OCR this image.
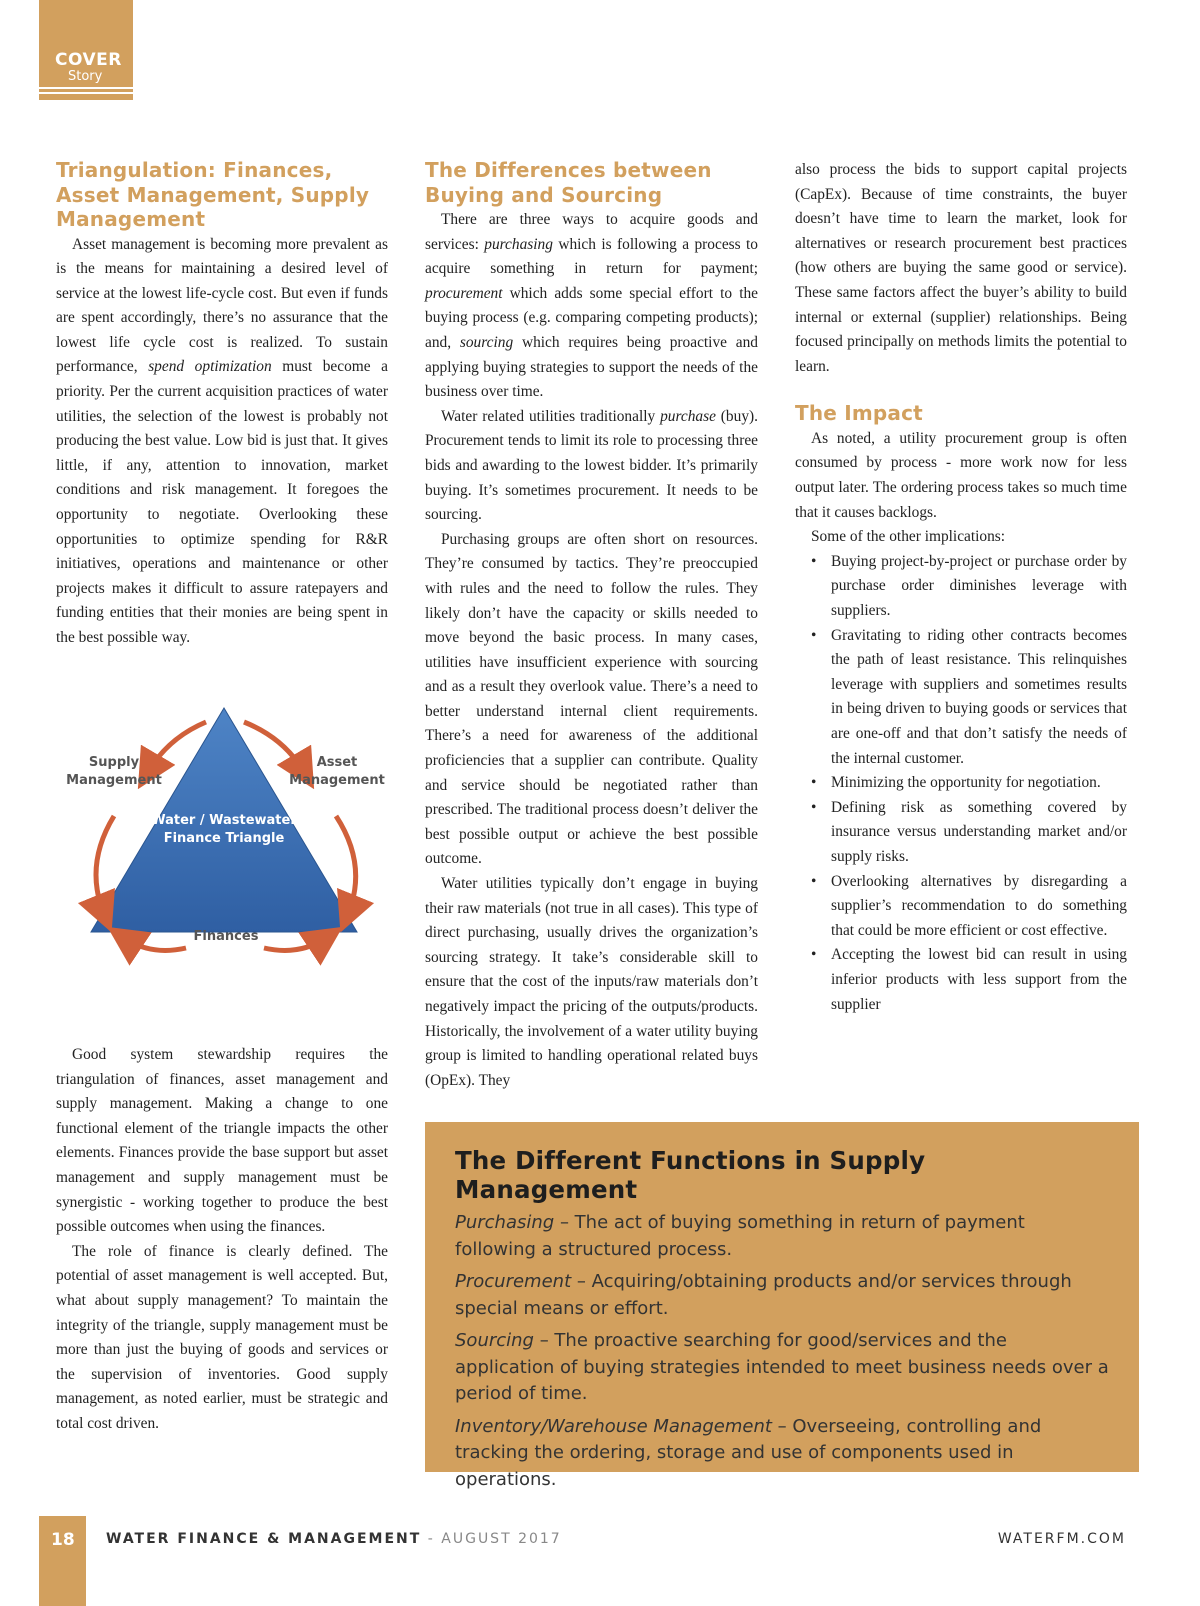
COVER
Story
Triangulation: Finances, Asset Management, Supply Management

Asset management is becoming more prevalent as is the means for maintaining a desired level of service at the lowest life-cycle cost. But even if funds are spent accordingly, there’s no assurance that the lowest life cycle cost is realized. To sustain performance, spend optimization must become a priority. Per the current acquisition practices of water utilities, the selection of the lowest is probably not producing the best value. Low bid is just that. It gives little, if any, attention to innovation, market conditions and risk management. It foregoes the opportunity to negotiate. Overlooking these opportunities to optimize spending for R&R initiatives, operations and maintenance or other projects makes it difficult to assure ratepayers and funding entities that their monies are being spent in the best possible way.

Supply
Management
Asset
Management
Water / Wastewater
Finance Triangle
Finances

Good system stewardship requires the triangulation of finances, asset management and supply management. Making a change to one functional element of the triangle impacts the other elements. Finances provide the base support but asset management and supply management must be synergistic - working together to produce the best possible outcomes when using the finances.

The role of finance is clearly defined. The potential of asset management is well accepted. But, what about supply management? To maintain the integrity of the triangle, supply management must be more than just the buying of goods and services or the supervision of inventories. Good supply management, as noted earlier, must be strategic and total cost driven.

The Differences between Buying and Sourcing

There are three ways to acquire goods and services: purchasing which is following a process to acquire something in return for payment; procurement which adds some special effort to the buying process (e.g. comparing competing products); and, sourcing which requires being proactive and applying buying strategies to support the needs of the business over time.

Water related utilities traditionally purchase (buy). Procurement tends to limit its role to processing three bids and awarding to the lowest bidder. It’s primarily buying. It’s sometimes procurement. It needs to be sourcing.

Purchasing groups are often short on resources. They’re consumed by tactics. They’re preoccupied with rules and the need to follow the rules. They likely don’t have the capacity or skills needed to move beyond the basic process. In many cases, utilities have insufficient experience with sourcing and as a result they overlook value. There’s a need to better understand internal client requirements. There’s a need for awareness of the additional proficiencies that a supplier can contribute. Quality and service should be negotiated rather than prescribed. The traditional process doesn’t deliver the best possible output or achieve the best possible outcome.

Water utilities typically don’t engage in buying their raw materials (not true in all cases). This type of direct purchasing, usually drives the organization’s sourcing strategy. It take’s considerable skill to ensure that the cost of the inputs/raw materials don’t negatively impact the pricing of the outputs/products. Historically, the involvement of a water utility buying group is limited to handling operational related buys (OpEx). They

also process the bids to support capital projects (CapEx). Because of time constraints, the buyer doesn’t have time to learn the market, look for alternatives or research procurement best practices (how others are buying the same good or service). These same factors affect the buyer’s ability to build internal or external (supplier) relationships. Being focused principally on methods limits the potential to learn.

The Impact

As noted, a utility procurement group is often consumed by process - more work now for less output later. The ordering process takes so much time that it causes backlogs.

Some of the other implications:

• Buying project-by-project or purchase order by purchase order diminishes leverage with suppliers.
• Gravitating to riding other contracts becomes the path of least resistance. This relinquishes leverage with suppliers and sometimes results in being driven to buying goods or services that are one-off and that don’t satisfy the needs of the internal customer.
• Minimizing the opportunity for negotiation.
• Defining risk as something covered by insurance versus understanding market and/or supply risks.
• Overlooking alternatives by disregarding a supplier’s recommendation to do something that could be more efficient or cost effective.
• Accepting the lowest bid can result in using inferior products with less support from the supplier
The Different Functions in Supply Management

Purchasing – The act of buying something in return of payment following a structured process.

Procurement – Acquiring/obtaining products and/or services through special means or effort.

Sourcing – The proactive searching for good/services and the application of buying strategies intended to meet business needs over a period of time.

Inventory/Warehouse Management – Overseeing, controlling and tracking the ordering, storage and use of components used in operations.

18 WATER FINANCE & MANAGEMENT - AUGUST 2017	WATERFM.COM
